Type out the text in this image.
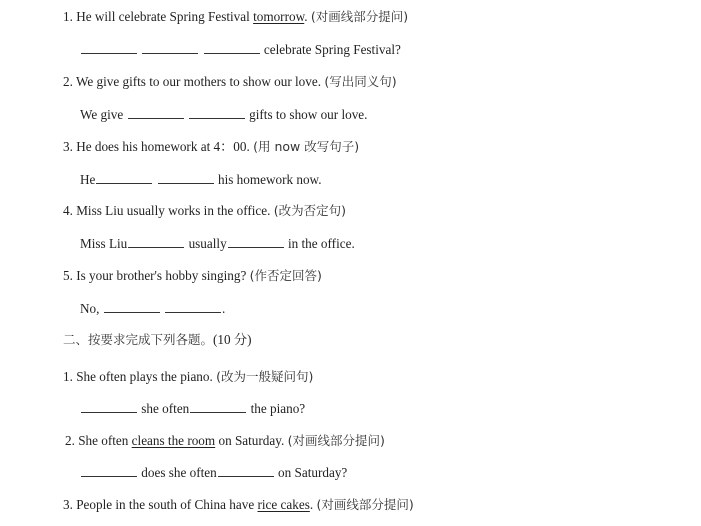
1. He will celebrate Spring Festival tomorrow. (对画线部分提问)
celebrate Spring Festival?
2. We give gifts to our mothers to show our love. (写出同义句)
We give	gifts to show our love.
3. He does his homework at 4：00. (用 now 改写句子)
He	his homework now.
4. Miss Liu usually works in the office. (改为否定句)
Miss Liu	usually	in the office.
5. Is your brother's hobby singing? (作否定回答)
No,	.
二、按要求完成下列各题。(10 分)
1. She often plays the piano. (改为一般疑问句)
she often	the piano?
2. She often cleans the room on Saturday. (对画线部分提问)
does she often	on Saturday?
3. People in the south of China have rice cakes. (对画线部分提问)
